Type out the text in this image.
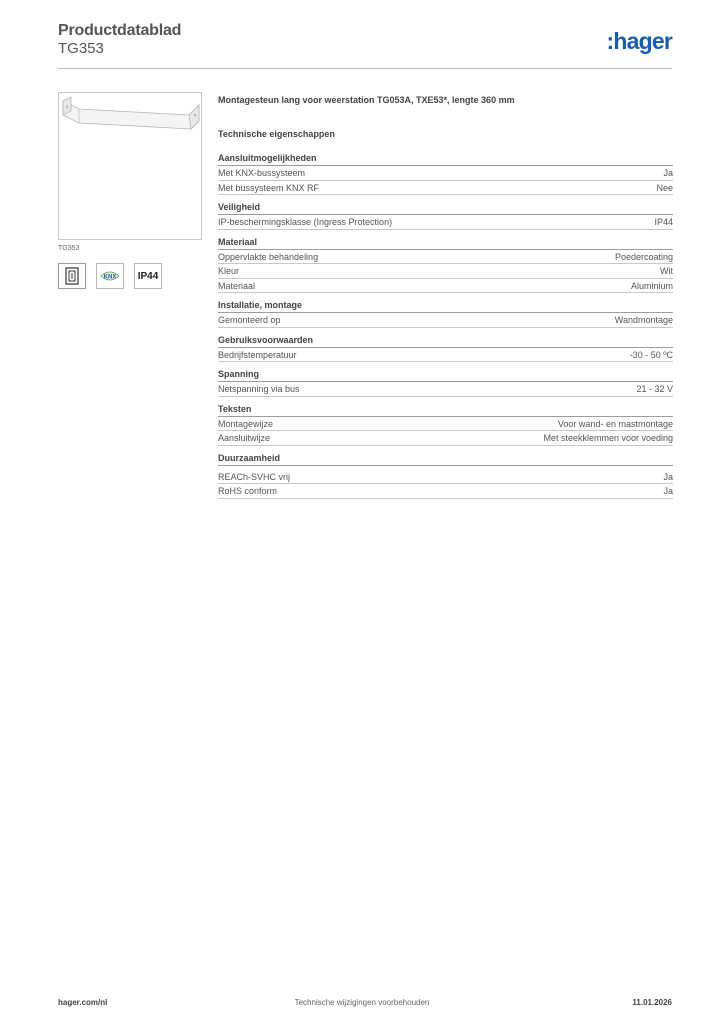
Productdatablad
TG353	:hager
TG353
KNX	IP44
Montagesteun lang voor weerstation TG053A, TXE53*, lengte 360 mm
Technische eigenschappen
Aansluitmogelijkheden
Met KNX-bussysteem	Ja
Met bussysteem KNX RF	Nee
Veiligheid
IP-beschermingsklasse (Ingress Protection)	IP44
Materiaal
Oppervlakte behandeling	Poedercoating
Kleur	Wit
Materiaal	Aluminium
Installatie, montage
Gemonteerd op	Wandmontage
Gebruiksvoorwaarden
Bedrijfstemperatuur	-30 - 50 ºC
Spanning
Netspanning via bus	21 - 32 V
Teksten
Montagewijze	Voor wand- en mastmontage
Aansluitwijze	Met steekklemmen voor voeding
Duurzaamheid
REACh-SVHC vrij	Ja
RoHS conform	Ja
hager.com/nl	Technische wijzigingen voorbehouden	11.01.2026
